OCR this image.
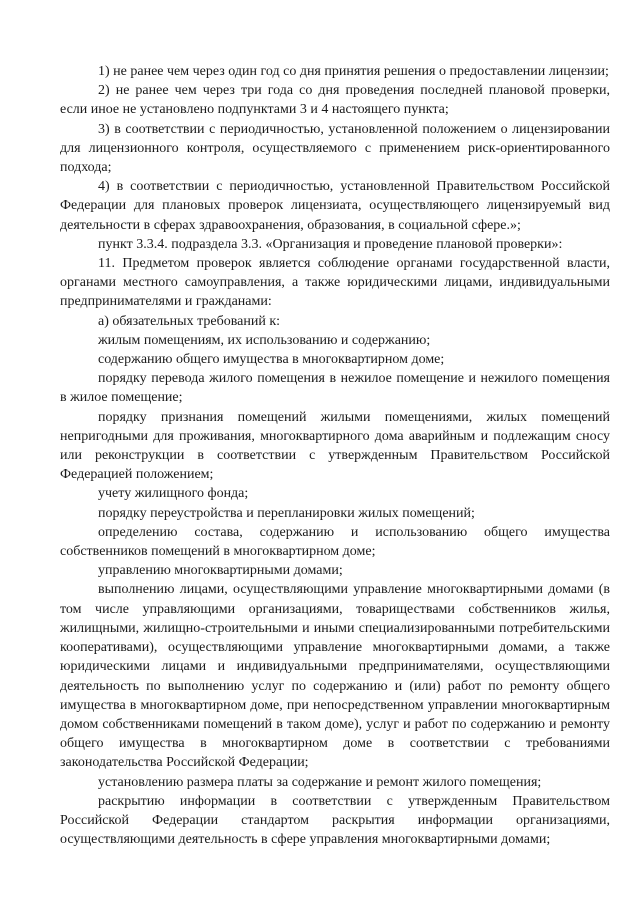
1) не ранее чем через один год со дня принятия решения о предоставлении лицензии;

2) не ранее чем через три года со дня проведения последней плановой проверки, если иное не установлено подпунктами 3 и 4 настоящего пункта;

3) в соответствии с периодичностью, установленной положением о лицензировании для лицензионного контроля, осуществляемого с применением риск-ориентированного подхода;

4) в соответствии с периодичностью, установленной Правительством Российской Федерации для плановых проверок лицензиата, осуществляющего лицензируемый вид деятельности в сферах здравоохранения, образования, в социальной сфере.»;

пункт 3.3.4. подраздела 3.3. «Организация и проведение плановой проверки»:

11. Предметом проверок является соблюдение органами государственной власти, органами местного самоуправления, а также юридическими лицами, индивидуальными предпринимателями и гражданами:

а) обязательных требований к:

жилым помещениям, их использованию и содержанию;

содержанию общего имущества в многоквартирном доме;

порядку перевода жилого помещения в нежилое помещение и нежилого помещения в жилое помещение;

порядку признания помещений жилыми помещениями, жилых помещений непригодными для проживания, многоквартирного дома аварийным и подлежащим сносу или реконструкции в соответствии с утвержденным Правительством Российской Федерацией положением;

учету жилищного фонда;

порядку переустройства и перепланировки жилых помещений;

определению состава, содержанию и использованию общего имущества собственников помещений в многоквартирном доме;

управлению многоквартирными домами;

выполнению лицами, осуществляющими управление многоквартирными домами (в том числе управляющими организациями, товариществами собственников жилья, жилищными, жилищно-строительными и иными специализированными потребительскими кооперативами), осуществляющими управление многоквартирными домами, а также юридическими лицами и индивидуальными предпринимателями, осуществляющими деятельность по выполнению услуг по содержанию и (или) работ по ремонту общего имущества в многоквартирном доме, при непосредственном управлении многоквартирным домом собственниками помещений в таком доме), услуг и работ по содержанию и ремонту общего имущества в многоквартирном доме в соответствии с требованиями законодательства Российской Федерации;

установлению размера платы за содержание и ремонт жилого помещения;

раскрытию информации в соответствии с утвержденным Правительством Российской Федерации стандартом раскрытия информации организациями, осуществляющими деятельность в сфере управления многоквартирными домами;
